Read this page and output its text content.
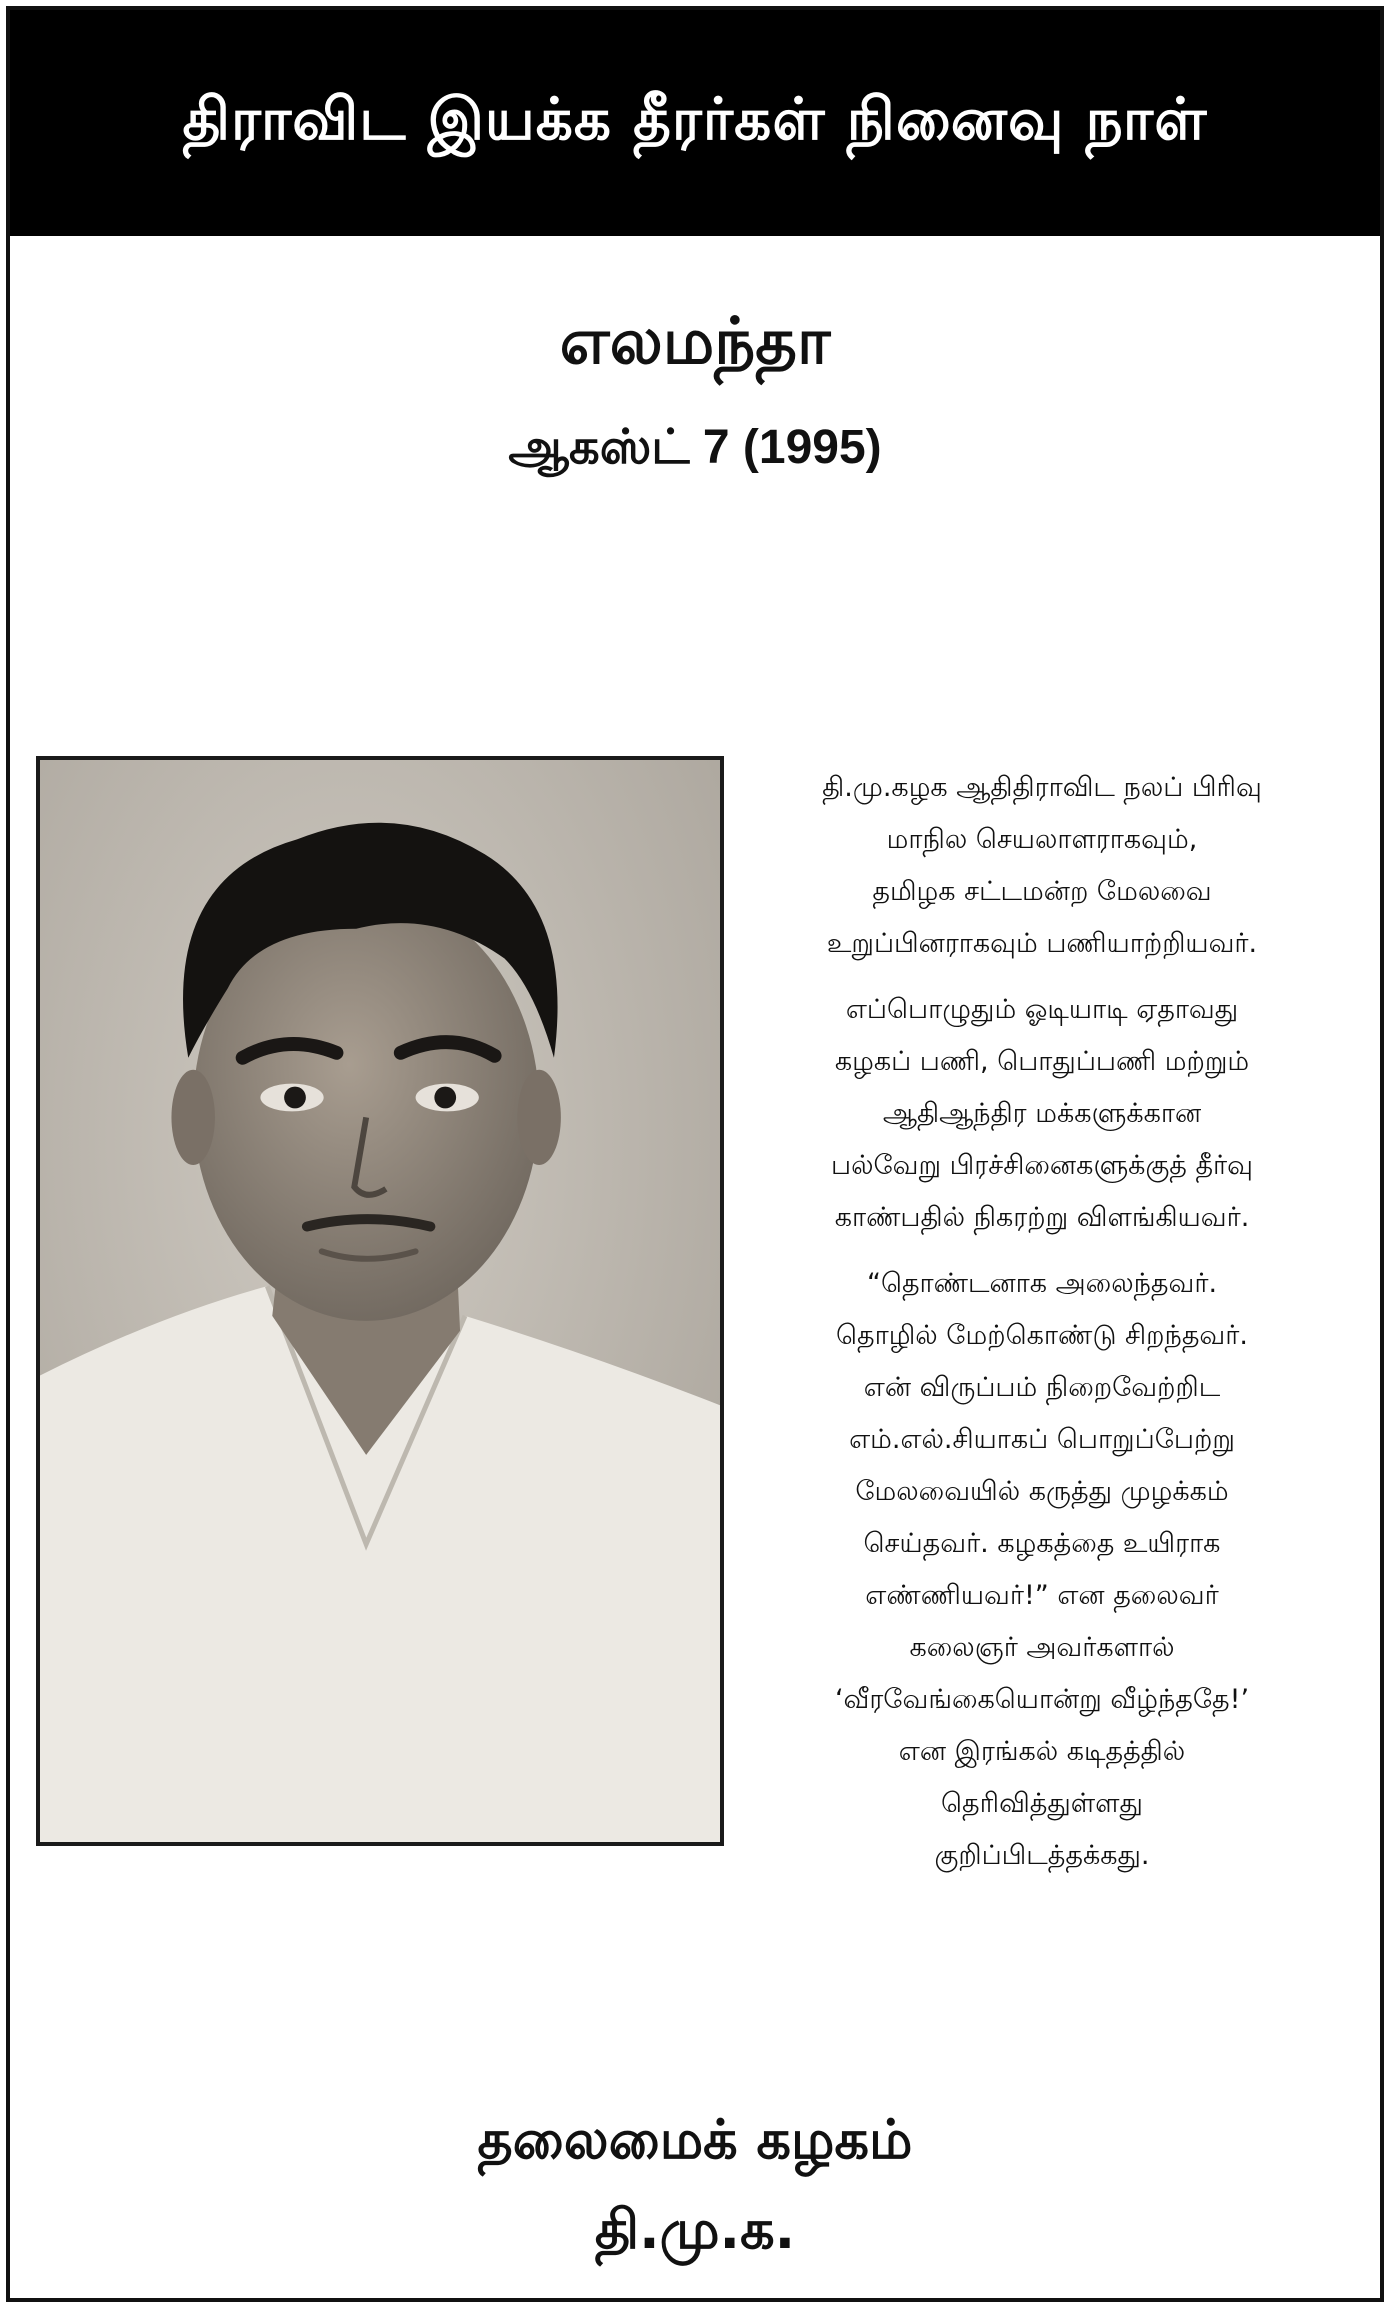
திராவிட இயக்க தீரர்கள் நினைவு நாள்
எலமந்தா
ஆகஸ்ட் 7 (1995)

தி.மு.கழக ஆதிதிராவிட நலப் பிரிவு
மாநில செயலாளராகவும்,
தமிழக சட்டமன்ற மேலவை
உறுப்பினராகவும் பணியாற்றியவர்.

எப்பொழுதும் ஓடியாடி ஏதாவது
கழகப் பணி, பொதுப்பணி மற்றும்
ஆதிஆந்திர மக்களுக்கான
பல்வேறு பிரச்சினைகளுக்குத் தீர்வு
காண்பதில் நிகரற்று விளங்கியவர்.

“தொண்டனாக அலைந்தவர்.
தொழில் மேற்கொண்டு சிறந்தவர்.
என் விருப்பம் நிறைவேற்றிட
எம்.எல்.சியாகப் பொறுப்பேற்று
மேலவையில் கருத்து முழக்கம்
செய்தவர். கழகத்தை உயிராக
எண்ணியவர்!” என தலைவர்
கலைஞர் அவர்களால்
‘வீரவேங்கையொன்று வீழ்ந்ததே!’
என இரங்கல் கடிதத்தில்
தெரிவித்துள்ளது
குறிப்பிடத்தக்கது.

தலைமைக் கழகம்
தி.மு.க.
